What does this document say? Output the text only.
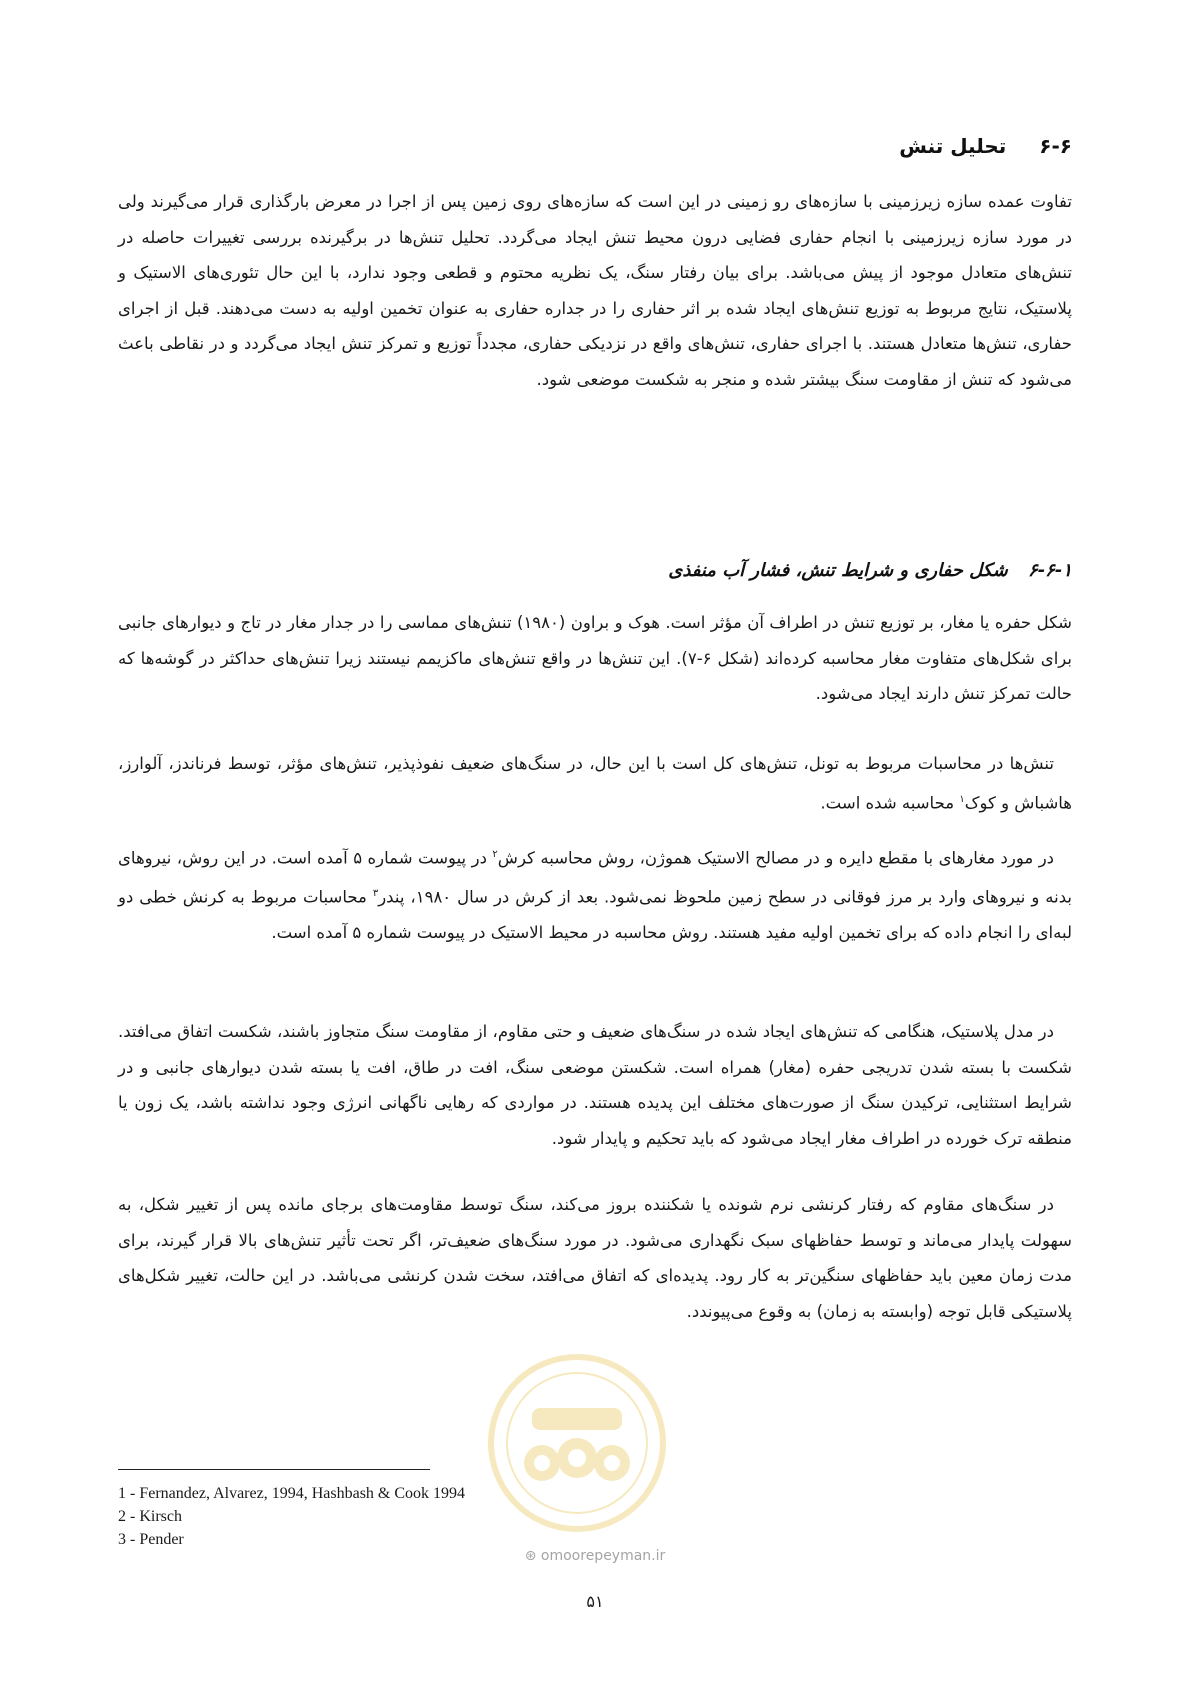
۶-۶ تحلیل تنش

تفاوت عمده سازه زیرزمینی با سازه‌های رو زمینی در این است که سازه‌های روی زمین پس از اجرا در معرض بارگذاری قرار می‌گیرند ولی در مورد سازه زیرزمینی با انجام حفاری فضایی درون محیط تنش ایجاد می‌گردد. تحلیل تنش‌ها در برگیرنده بررسی تغییرات حاصله در تنش‌های متعادل موجود از پیش می‌باشد. برای بیان رفتار سنگ، یک نظریه محتوم و قطعی وجود ندارد، با این حال تئوری‌های الاستیک و پلاستیک، نتایج مربوط به توزیع تنش‌های ایجاد شده بر اثر حفاری را در جداره حفاری به عنوان تخمین اولیه به دست می‌دهند. قبل از اجرای حفاری، تنش‌ها متعادل هستند. با اجرای حفاری، تنش‌های واقع در نزدیکی حفاری، مجدداً توزیع و تمرکز تنش ایجاد می‌گردد و در نقاطی باعث می‌شود که تنش از مقاومت سنگ بیشتر شده و منجر به شکست موضعی شود.

۶-۶-۱ شکل حفاری و شرایط تنش، فشار آب منفذی

شکل حفره یا مغار، بر توزیع تنش در اطراف آن مؤثر است. هوک و براون (۱۹۸۰) تنش‌های مماسی را در جدار مغار در تاج و دیوارهای جانبی برای شکل‌های متفاوت مغار محاسبه کرده‌اند (شکل ۶-۷). این تنش‌ها در واقع تنش‌های ماکزیمم نیستند زیرا تنش‌های حداکثر در گوشه‌ها که حالت تمرکز تنش دارند ایجاد می‌شود.

تنش‌ها در محاسبات مربوط به تونل، تنش‌های کل است با این حال، در سنگ‌های ضعیف نفوذپذیر، تنش‌های مؤثر، توسط فرناندز، آلوارز، هاشباش و کوک$^۱$ محاسبه شده است.

در مورد مغارهای با مقطع دایره و در مصالح الاستیک هموژن، روش محاسبه کرش$^۲$ در پیوست شماره ۵ آمده است. در این روش، نیروهای بدنه و نیروهای وارد بر مرز فوقانی در سطح زمین ملحوظ نمی‌شود. بعد از کرش در سال ۱۹۸۰، پندر$^۳$ محاسبات مربوط به کرنش خطی دو لبه‌ای را انجام داده که برای تخمین اولیه مفید هستند. روش محاسبه در محیط الاستیک در پیوست شماره ۵ آمده است.

در مدل پلاستیک، هنگامی که تنش‌های ایجاد شده در سنگ‌های ضعیف و حتی مقاوم، از مقاومت سنگ متجاوز باشند، شکست اتفاق می‌افتد. شکست با بسته شدن تدریجی حفره (مغار) همراه است. شکستن موضعی سنگ، افت در طاق، افت یا بسته شدن دیوارهای جانبی و در شرایط استثنایی، ترکیدن سنگ از صورت‌های مختلف این پدیده هستند. در مواردی که رهایی ناگهانی انرژی وجود نداشته باشد، یک زون یا منطقه ترک خورده در اطراف مغار ایجاد می‌شود که باید تحکیم و پایدار شود.

در سنگ‌های مقاوم که رفتار کرنشی نرم شونده یا شکننده بروز می‌کند، سنگ توسط مقاومت‌های برجای مانده پس از تغییر شکل، به سهولت پایدار می‌ماند و توسط حفاظهای سبک نگهداری می‌شود. در مورد سنگ‌های ضعیف‌تر، اگر تحت تأثیر تنش‌های بالا قرار گیرند، برای مدت زمان معین باید حفاظهای سنگین‌تر به کار رود. پدیده‌ای که اتفاق می‌افتد، سخت شدن کرنشی می‌باشد. در این حالت، تغییر شکل‌های پلاستیکی قابل توجه (وابسته به زمان) به وقوع می‌پیوندد.

⊛ omoorepeyman.ir
1 - Fernandez, Alvarez, 1994, Hashbash & Cook 1994
2 - Kirsch
3 - Pender
۵۱
